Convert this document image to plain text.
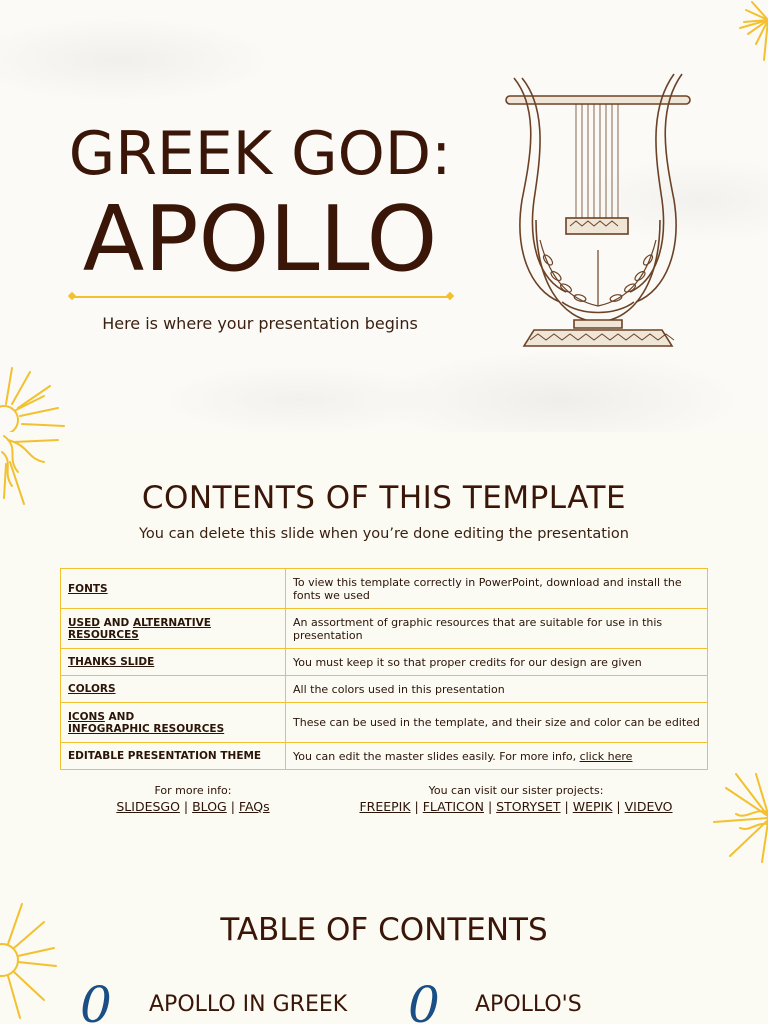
GREEK GOD:
APOLLO
Here is where your presentation begins
CONTENTS OF THIS TEMPLATE
You can delete this slide when you’re done editing the presentation
FONTS	To view this template correctly in PowerPoint, download and install the fonts we used
USED AND ALTERNATIVE
RESOURCES	An assortment of graphic resources that are suitable for use in this presentation
THANKS SLIDE	You must keep it so that proper credits for our design are given
COLORS	All the colors used in this presentation
ICONS AND
INFOGRAPHIC RESOURCES	These can be used in the template, and their size and color can be edited
EDITABLE PRESENTATION THEME	You can edit the master slides easily. For more info, click here
For more info:
SLIDESGO | BLOG | FAQs
You can visit our sister projects:
FREEPIK | FLATICON | STORYSET | WEPIK | VIDEVO
TABLE OF CONTENTS
0 APOLLO IN GREEK 0 APOLLO'S
